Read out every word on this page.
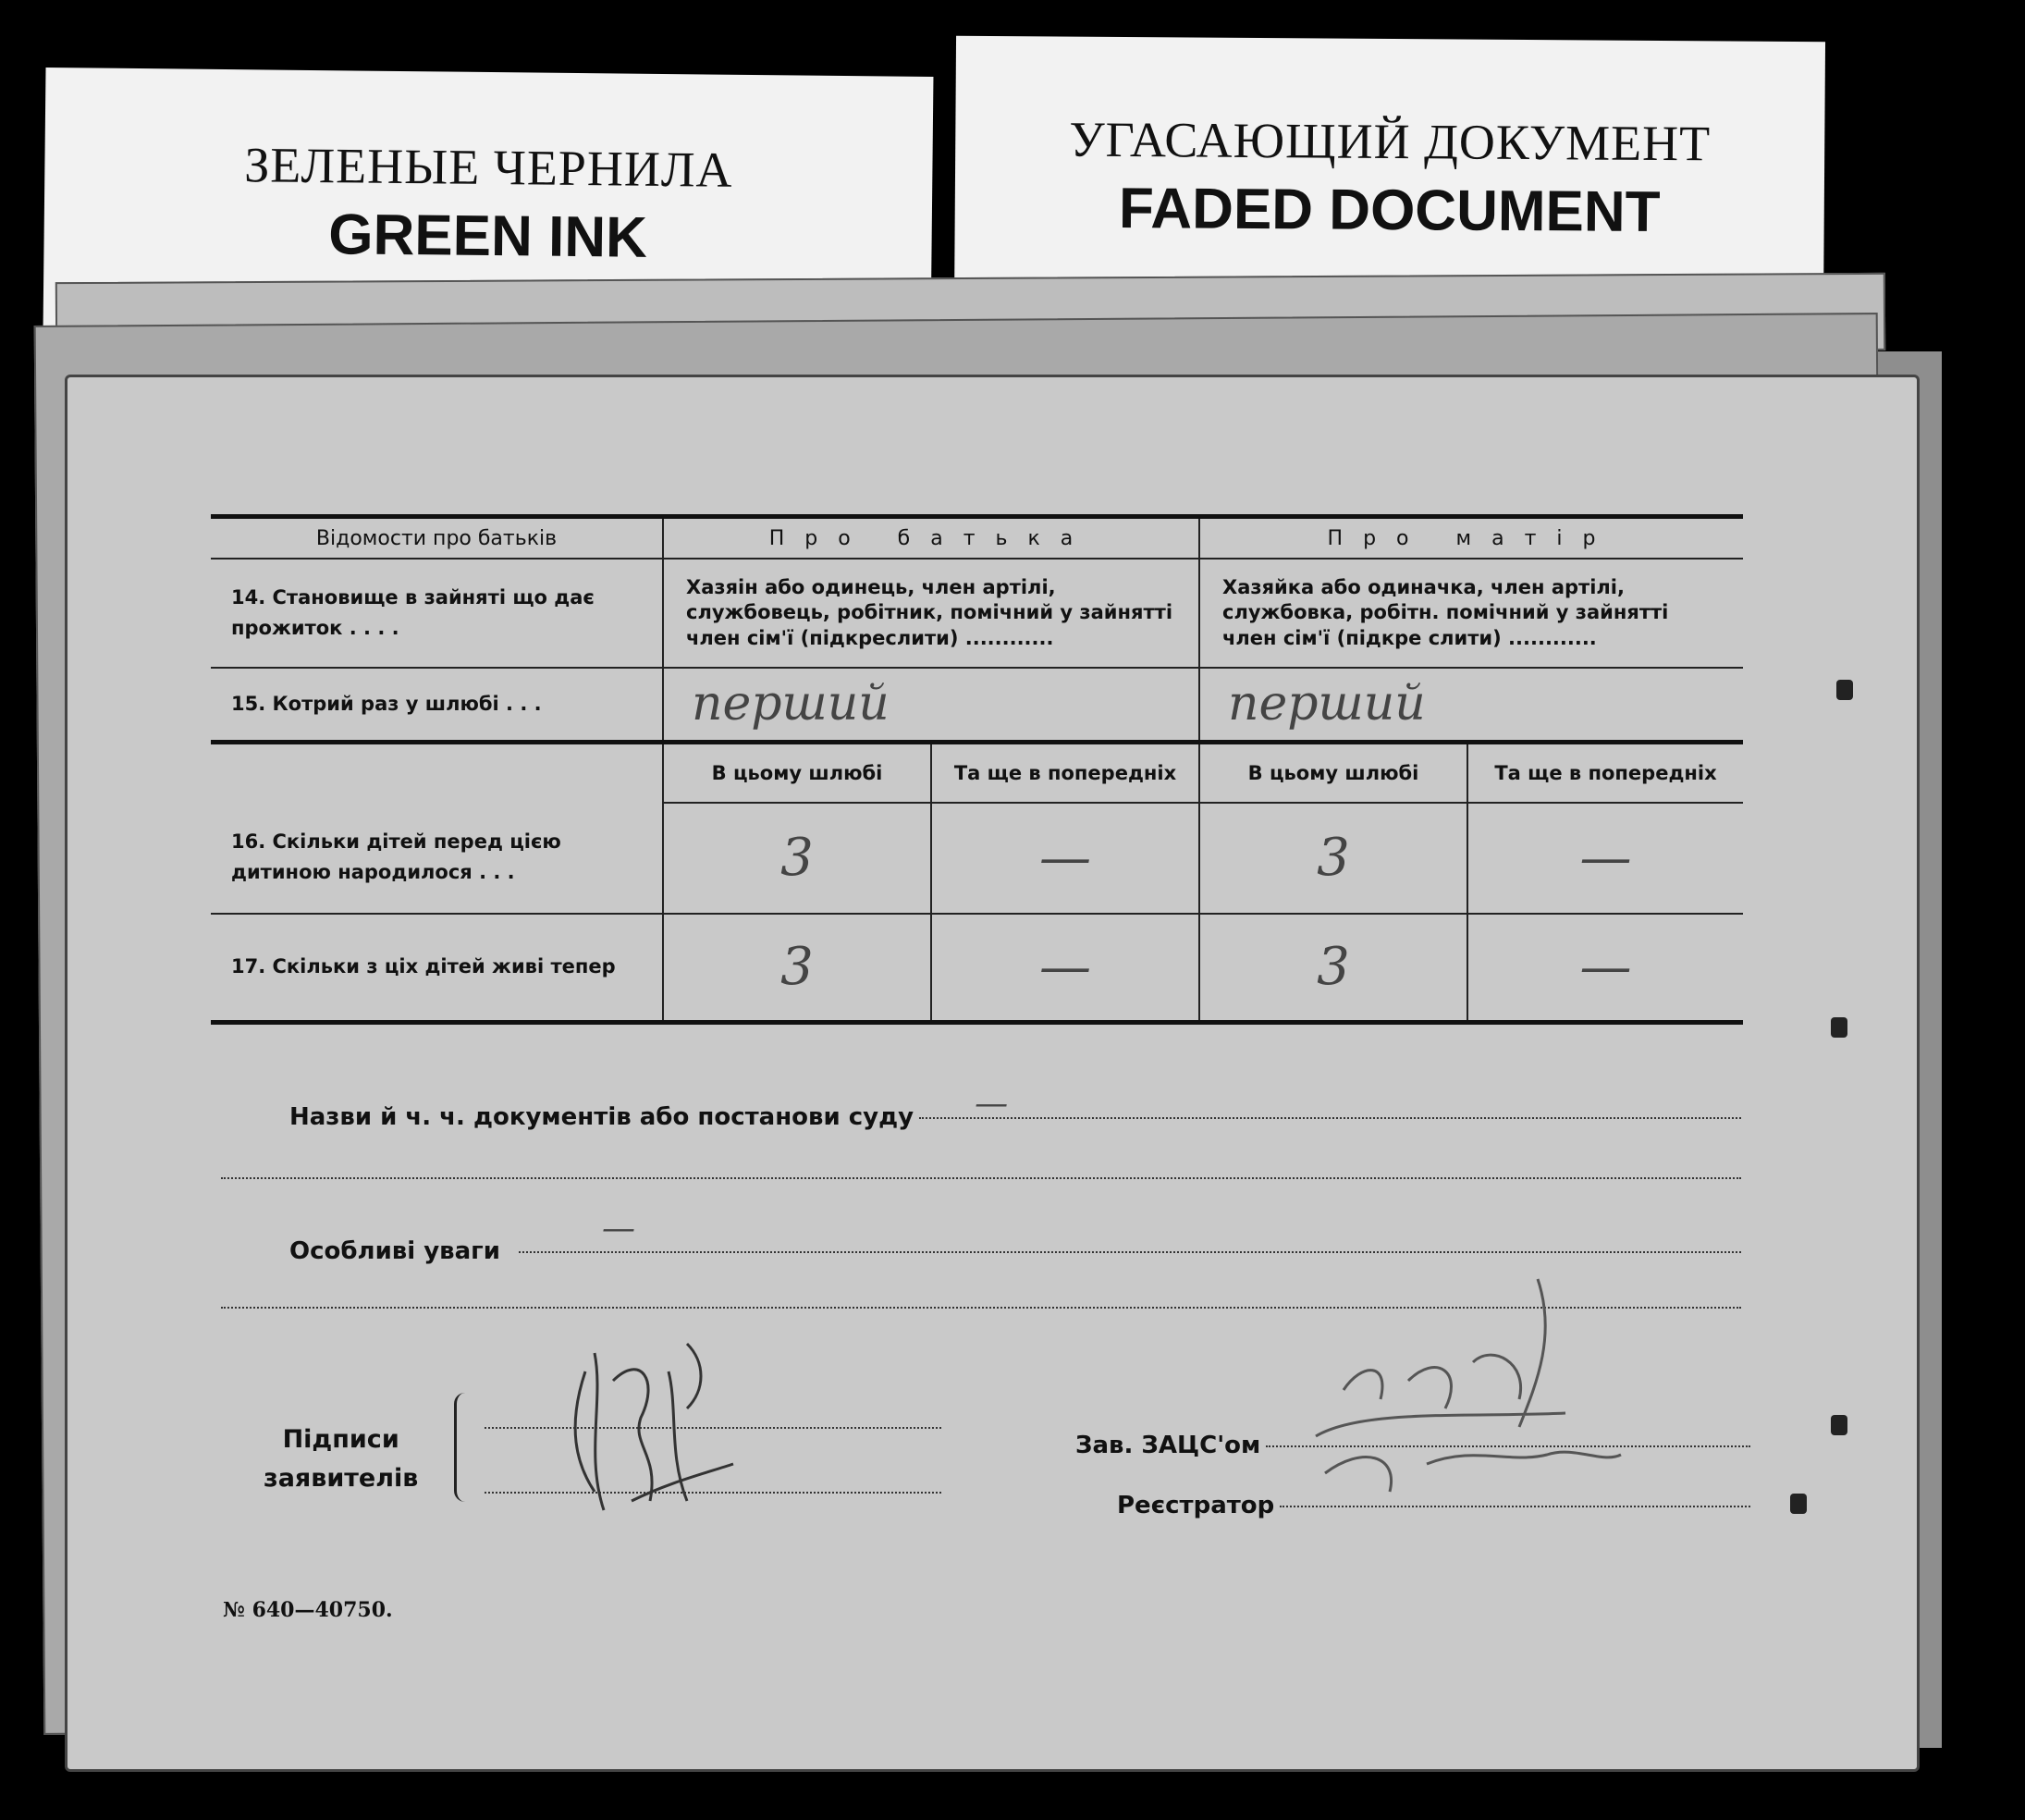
ЗЕЛЕНЫЕ ЧЕРНИЛА
GREEN INK
УГАСАЮЩИЙ ДОКУМЕНТ
FADED DOCUMENT
Відомости про батьків	Про батька		Про матір	
14. Становище в зайняті що дає прожиток . . . .	Хазяін або одинець, член артілі, службовець, робітник, помічний у зайнятті член сім'ї (підкреслити) ............		Хазяйка або одиначка, член артілі, службовка, робітн. помічний у зайнятті член сім'ї (підкре слити) ............	
15. Котрий раз у шлюбі . . .	перший		перший	
	В цьому шлюбі	Та ще в попередніх	В цьому шлюбі	Та ще в попередніх
16. Скільки дітей перед цією дитиною народилося . . .	3	—	3	—
17. Скільки з ціх дітей живі тепер	3	—	3	—
Назви й ч. ч. документів або постанови суду —
Особливі уваги
—
Підписи
заявителів
Зав. ЗАЦС'ом
Реєстратор
№ 640—40750.
